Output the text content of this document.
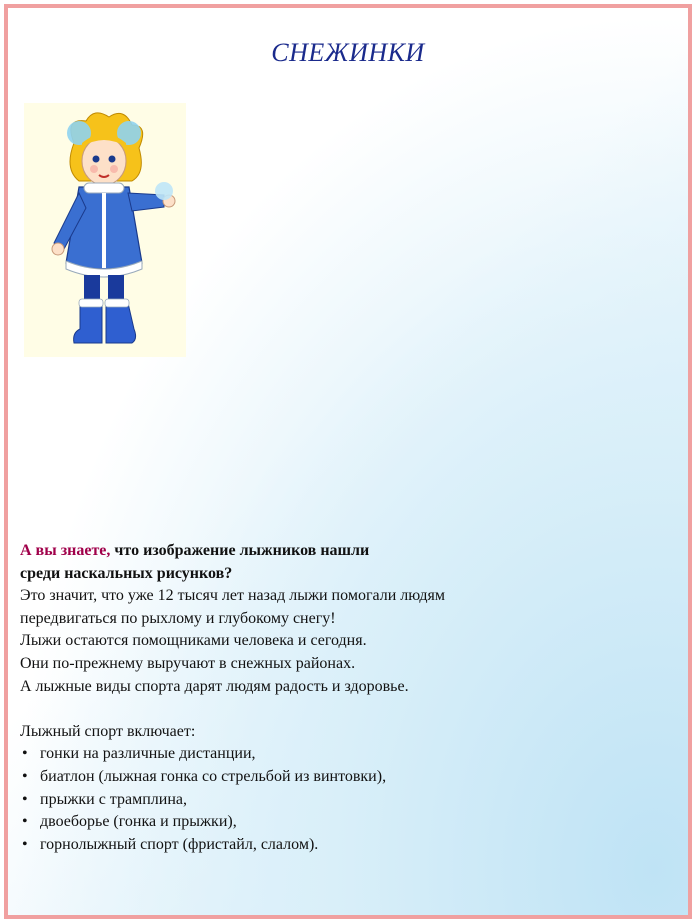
СНЕЖИНКИ

А вы знаете, что изображение лыжников нашли

среди наскальных рисунков?

Это значит, что уже 12 тысяч лет назад лыжи помогали людям

передвигаться по рыхлому и глубокому снегу!

Лыжи остаются помощниками человека и сегодня.

Они по-прежнему выручают в снежных районах.

А лыжные виды спорта дарят людям радость и здоровье.

Лыжный спорт включает:

• гонки на различные дистанции,
• биатлон (лыжная гонка со стрельбой из винтовки),
• прыжки с трамплина,
• двоеборье (гонка и прыжки),
• горнолыжный спорт (фристайл, слалом).
